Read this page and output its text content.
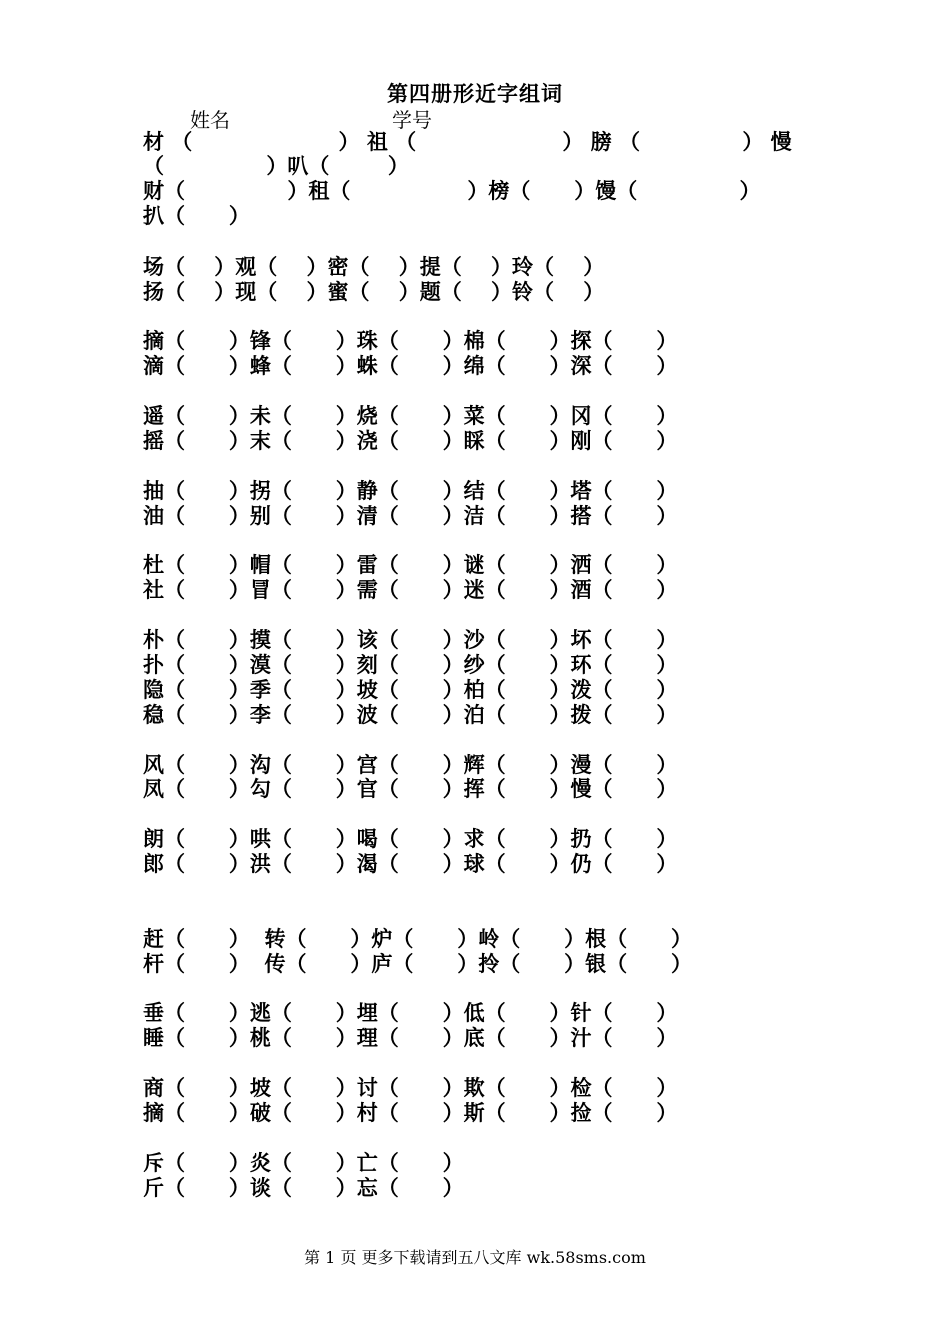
第四册形近字组词
姓名	学号
材 （                    ） 祖 （                    ） 膀 （              ） 慢
（              ）叭（        ）
财（              ）租（                ）榜（      ）馒（              ）
扒（      ）
场（    ）观（    ）密（    ）提（    ）玲（    ）
扬（    ）现（    ）蜜（    ）题（    ）铃（    ）
摘（      ）锋（      ）珠（      ）棉（      ）探（      ）
滴（      ）蜂（      ）蛛（      ）绵（      ）深（      ）
遥（      ）未（      ）烧（      ）菜（      ）冈（      ）
摇（      ）末（      ）浇（      ）睬（      ）刚（      ）
抽（      ）拐（      ）静（      ）结（      ）塔（      ）
油（      ）别（      ）清（      ）洁（      ）搭（      ）
杜（      ）帽（      ）雷（      ）谜（      ）洒（      ）
社（      ）冒（      ）需（      ）迷（      ）酒（      ）
朴（      ）摸（      ）该（      ）沙（      ）坏（      ）
扑（      ）漠（      ）刻（      ）纱（      ）环（      ）
隐（      ）季（      ）坡（      ）柏（      ）泼（      ）
稳（      ）李（      ）波（      ）泊（      ）拨（      ）
风（      ）沟（      ）宫（      ）辉（      ）漫（      ）
凤（      ）勾（      ）官（      ）挥（      ）慢（      ）
朗（      ）哄（      ）喝（      ）求（      ）扔（      ）
郎（      ）洪（      ）渴（      ）球（      ）仍（      ）
赶（      ）  转（      ）炉（      ）岭（      ）根（      ）
杆（      ）  传（      ）庐（      ）拎（      ）银（      ）
垂（      ）逃（      ）埋（      ）低（      ）针（      ）
睡（      ）桃（      ）理（      ）底（      ）汁（      ）
商（      ）坡（      ）讨（      ）欺（      ）检（      ）
摘（      ）破（      ）村（      ）斯（      ）捡（      ）
斥（      ）炎（      ）亡（      ）
斤（      ）谈（      ）忘（      ）
第 1 页 更多下载请到五八文库 wk.58sms.com
